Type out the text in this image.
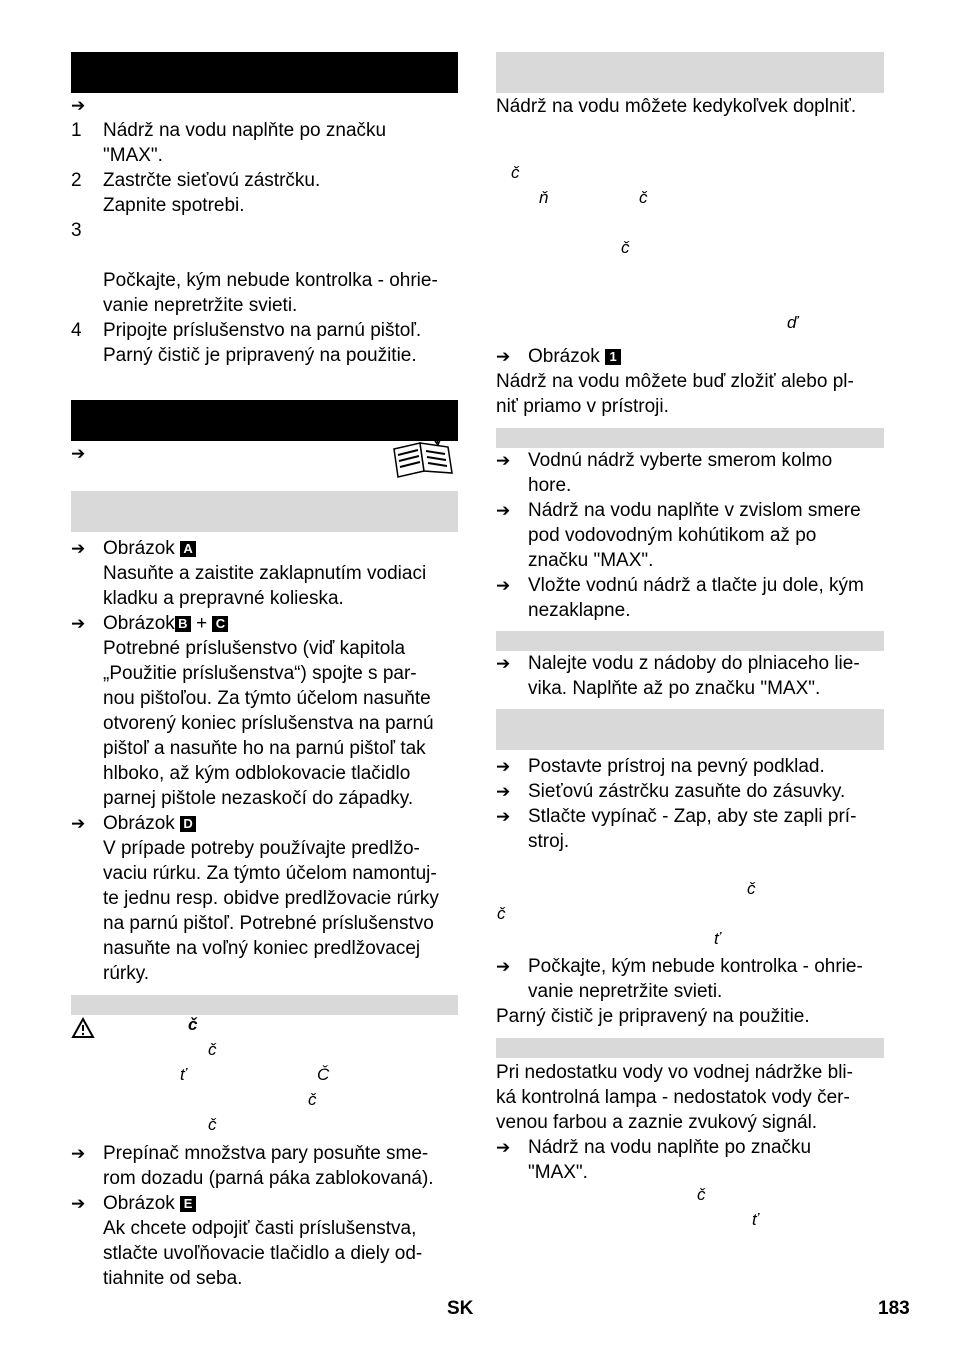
➔
1	Nádrž na vodu naplňte po značku
"MAX".
2	Zastrčte sieťovú zástrčku.
Zapnite spotrebi.
3
Počkajte, kým nebude kontrolka - ohrie-
vanie nepretržite svieti.
4	Pripojte príslušenstvo na parnú pištoľ.
Parný čistič je pripravený na použitie.
➔
➔ Obrázok A
Nasuňte a zaistite zaklapnutím vodiaci
kladku a prepravné kolieska.
➔ Obrázok B + C
Potrebné príslušenstvo (viď kapitola
„Použitie príslušenstva“) spojte s par-
nou pištoľou. Za týmto účelom nasuňte
otvorený koniec príslušenstva na parnú
pištoľ a nasuňte ho na parnú pištoľ tak
hlboko, až kým odblokovacie tlačidlo
parnej pištole nezaskočí do západky.
➔ Obrázok D
V prípade potreby používajte predlžo-
vaciu rúrku. Za týmto účelom namontuj-
te jednu resp. obidve predlžovacie rúrky
na parnú pištoľ. Potrebné príslušenstvo
nasuňte na voľný koniec predlžovacej
rúrky.
č
č
ť	Č
č
č
➔ Prepínač množstva pary posuňte sme-
rom dozadu (parná páka zablokovaná).
➔ Obrázok E
Ak chcete odpojiť časti príslušenstva,
stlačte uvoľňovacie tlačidlo a diely od-
tiahnite od seba.
Nádrž na vodu môžete kedykoľvek doplniť.
č
ň	č
č
ď
➔ Obrázok 1
Nádrž na vodu môžete buď zložiť alebo pl-
niť priamo v prístroji.
➔ Vodnú nádrž vyberte smerom kolmo
hore.
➔ Nádrž na vodu naplňte v zvislom smere
pod vodovodným kohútikom až po
značku "MAX".
➔ Vložte vodnú nádrž a tlačte ju dole, kým
nezaklapne.
➔ Nalejte vodu z nádoby do plniaceho lie-
vika. Naplňte až po značku "MAX".
➔ Postavte prístroj na pevný podklad.
➔ Sieťovú zástrčku zasuňte do zásuvky.
➔ Stlačte vypínač - Zap, aby ste zapli prí-
stroj.
č
č
ť
➔ Počkajte, kým nebude kontrolka - ohrie-
vanie nepretržite svieti.
Parný čistič je pripravený na použitie.
Pri nedostatku vody vo vodnej nádržke bli-
ká kontrolná lampa - nedostatok vody čer-
venou farbou a zaznie zvukový signál.
➔ Nádrž na vodu naplňte po značku
"MAX".
č
ť
SK	183
